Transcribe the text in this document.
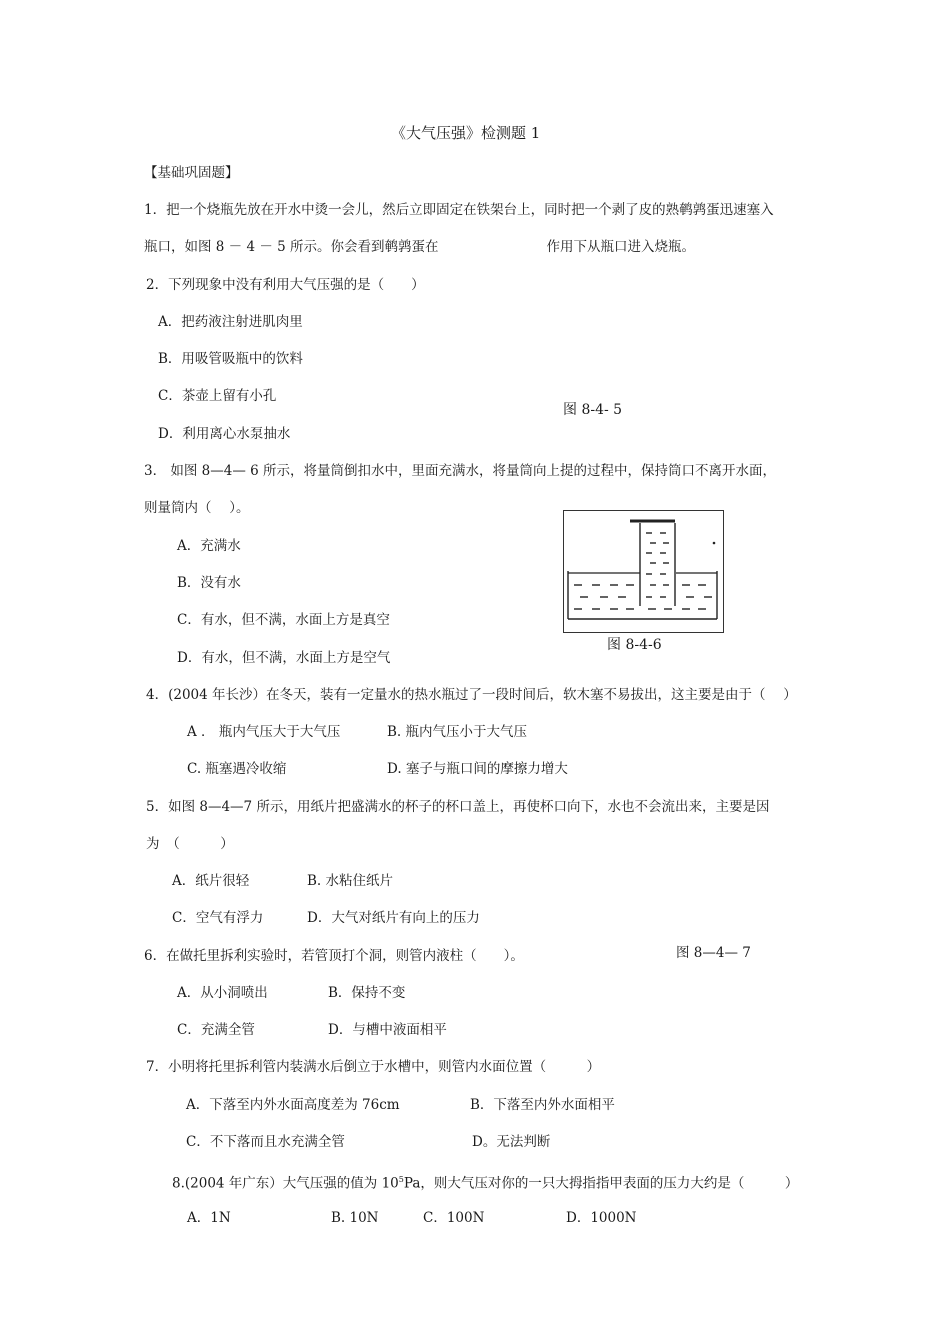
《大气压强》检测题 1
【基础巩固题】
1．把一个烧瓶先放在开水中烫一会儿，然后立即固定在铁架台上，同时把一个剥了皮的熟鹌鹑蛋迅速塞入
瓶口，如图 8 － 4 － 5 所示。你会看到鹌鹑蛋在	作用下从瓶口进入烧瓶。
2．下列现象中没有利用大气压强的是（　　）
A．把药液注射进肌肉里
B．用吸管吸瓶中的饮料
C．茶壶上留有小孔
图 8-4- 5
D．利用离心水泵抽水
3． 如图 8—4— 6 所示，将量筒倒扣水中，里面充满水，将量筒向上提的过程中，保持筒口不离开水面，
则量筒内（　 ）。
A．充满水
B．没有水
C．有水，但不满，水面上方是真空
图 8-4-6
D．有水，但不满，水面上方是空气
4．(2004 年长沙）在冬天，装有一定量水的热水瓶过了一段时间后，软木塞不易拔出，这主要是由于（　 ）
A ． 瓶内气压大于大气压	B. 瓶内气压小于大气压
C. 瓶塞遇冷收缩	D. 塞子与瓶口间的摩擦力增大
5．如图 8—4—7 所示，用纸片把盛满水的杯子的杯口盖上，再使杯口向下，水也不会流出来，主要是因
为　（　　　）
A．纸片很轻	B. 水粘住纸片
C．空气有浮力	D．大气对纸片有向上的压力
6．在做托里拆利实验时，若管顶打个洞，则管内液柱（　　）。	图 8—4— 7
A．从小洞喷出	B．保持不变
C．充满全管	D．与槽中液面相平
7．小明将托里拆利管内装满水后倒立于水槽中，则管内水面位置（　　　）
A．下落至内外水面高度差为 76cm	B．下落至内外水面相平
C．不下落而且水充满全管	D。无法判断
8.(2004 年广东）大气压强的值为 $10^5Pa$，则大气压对你的一只大拇指指甲表面的压力大约是（　　　）
A．1N	B. 10N	C．100N	D．1000N
